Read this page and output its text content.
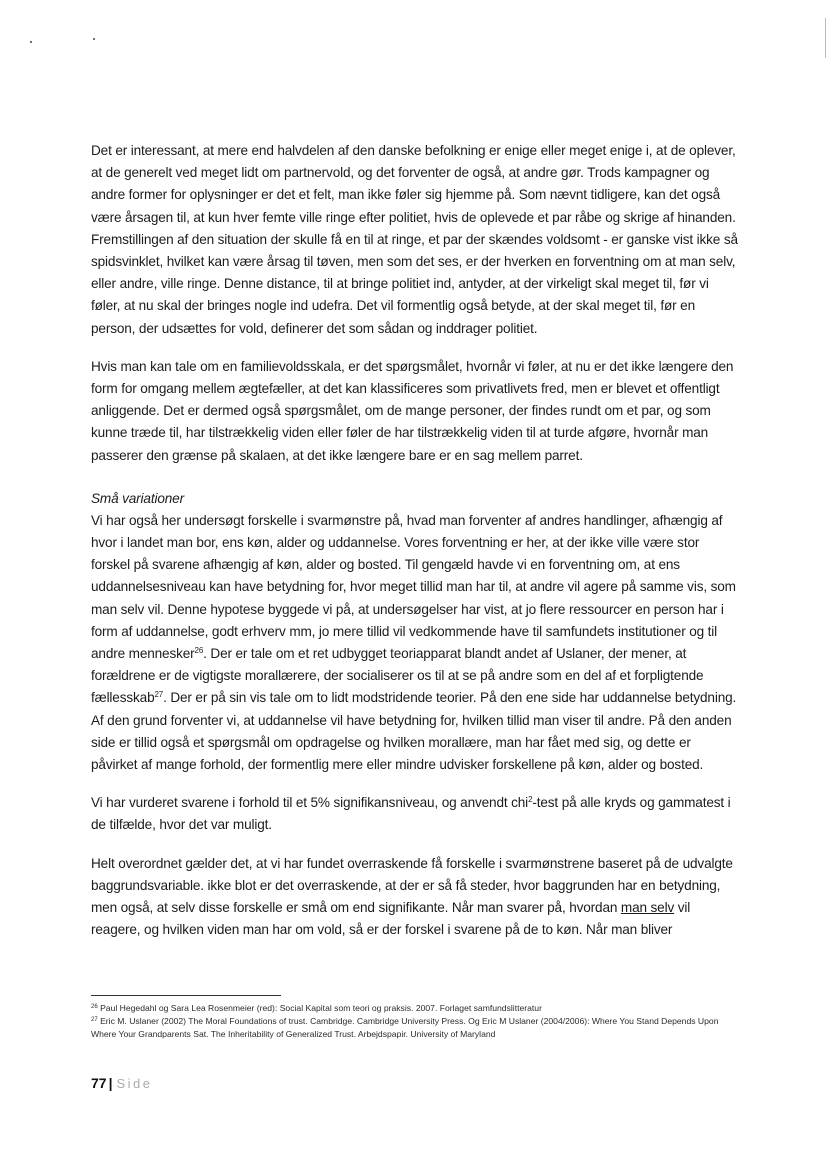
Det er interessant, at mere end halvdelen af den danske befolkning er enige eller meget enige i, at de oplever, at de generelt ved meget lidt om partnervold, og det forventer de også, at andre gør. Trods kampagner og andre former for oplysninger er det et felt, man ikke føler sig hjemme på. Som nævnt tidligere, kan det også være årsagen til, at kun hver femte ville ringe efter politiet, hvis de oplevede et par råbe og skrige af hinanden. Fremstillingen af den situation der skulle få en til at ringe, et par der skændes voldsomt - er ganske vist ikke så spidsvinklet, hvilket kan være årsag til tøven, men som det ses, er der hverken en forventning om at man selv, eller andre, ville ringe. Denne distance, til at bringe politiet ind, antyder, at der virkeligt skal meget til, før vi føler, at nu skal der bringes nogle ind udefra. Det vil formentlig også betyde, at der skal meget til, før en person, der udsættes for vold, definerer det som sådan og inddrager politiet.

Hvis man kan tale om en familievoldsskala, er det spørgsmålet, hvornår vi føler, at nu er det ikke længere den form for omgang mellem ægtefæller, at det kan klassificeres som privatlivets fred, men er blevet et offentligt anliggende. Det er dermed også spørgsmålet, om de mange personer, der findes rundt om et par, og som kunne træde til, har tilstrækkelig viden eller føler de har tilstrækkelig viden til at turde afgøre, hvornår man passerer den grænse på skalaen, at det ikke længere bare er en sag mellem parret.

Små variationer

Vi har også her undersøgt forskelle i svarmønstre på, hvad man forventer af andres handlinger, afhængig af hvor i landet man bor, ens køn, alder og uddannelse. Vores forventning er her, at der ikke ville være stor forskel på svarene afhængig af køn, alder og bosted. Til gengæld havde vi en forventning om, at ens uddannelsesniveau kan have betydning for, hvor meget tillid man har til, at andre vil agere på samme vis, som man selv vil. Denne hypotese byggede vi på, at undersøgelser har vist, at jo flere ressourcer en person har i form af uddannelse, godt erhverv mm, jo mere tillid vil vedkommende have til samfundets institutioner og til andre mennesker$^{26}$. Der er tale om et ret udbygget teoriapparat blandt andet af Uslaner, der mener, at forældrene er de vigtigste morallærere, der socialiserer os til at se på andre som en del af et forpligtende fællesskab$^{27}$. Der er på sin vis tale om to lidt modstridende teorier. På den ene side har uddannelse betydning. Af den grund forventer vi, at uddannelse vil have betydning for, hvilken tillid man viser til andre. På den anden side er tillid også et spørgsmål om opdragelse og hvilken morallære, man har fået med sig, og dette er påvirket af mange forhold, der formentlig mere eller mindre udvisker forskellene på køn, alder og bosted.

Vi har vurderet svarene i forhold til et 5% signifikansniveau, og anvendt chi$^2$-test på alle kryds og gammatest i de tilfælde, hvor det var muligt.

Helt overordnet gælder det, at vi har fundet overraskende få forskelle i svarmønstrene baseret på de udvalgte baggrundsvariable. ikke blot er det overraskende, at der er så få steder, hvor baggrunden har en betydning, men også, at selv disse forskelle er små om end signifikante. Når man svarer på, hvordan man selv vil reagere, og hvilken viden man har om vold, så er der forskel i svarene på de to køn. Når man bliver

$^{26}$ Paul Hegedahl og Sara Lea Rosenmeier (red): Social Kapital som teori og praksis. 2007. Forlaget samfundslitteratur

$^{27}$ Eric M. Uslaner (2002) The Moral Foundations of trust. Cambridge. Cambridge University Press. Og Eric M Uslaner (2004/2006): Where You Stand Depends Upon Where Your Grandparents Sat. The Inheritability of Generalized Trust. Arbejdspapir. University of Maryland

77 | Side
